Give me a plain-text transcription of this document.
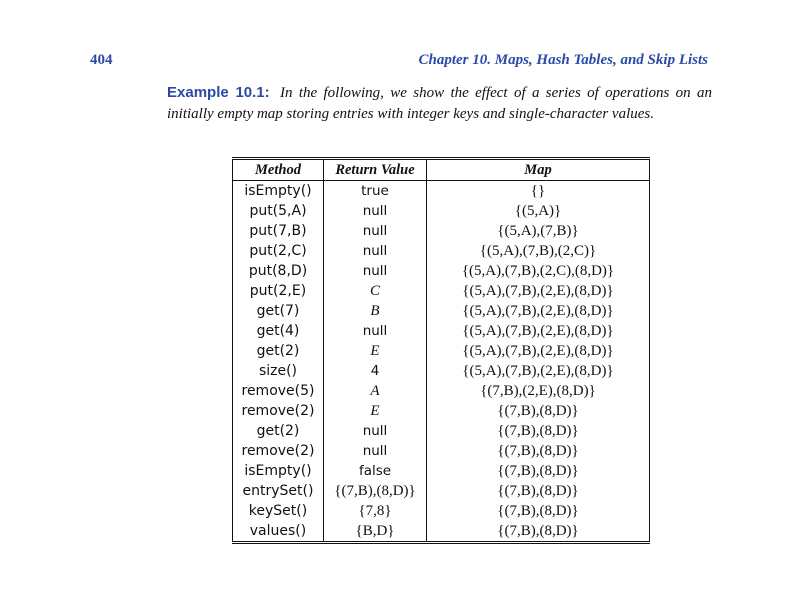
404	Chapter 10. Maps, Hash Tables, and Skip Lists
Example 10.1: In the following, we show the effect of a series of operations on an initially empty map storing entries with integer keys and single-character values.
Method	Return Value	Map
isEmpty()	true	{}
put(5,A)	null	{(5,A)}
put(7,B)	null	{(5,A),(7,B)}
put(2,C)	null	{(5,A),(7,B),(2,C)}
put(8,D)	null	{(5,A),(7,B),(2,C),(8,D)}
put(2,E)	C	{(5,A),(7,B),(2,E),(8,D)}
get(7)	B	{(5,A),(7,B),(2,E),(8,D)}
get(4)	null	{(5,A),(7,B),(2,E),(8,D)}
get(2)	E	{(5,A),(7,B),(2,E),(8,D)}
size()	4	{(5,A),(7,B),(2,E),(8,D)}
remove(5)	A	{(7,B),(2,E),(8,D)}
remove(2)	E	{(7,B),(8,D)}
get(2)	null	{(7,B),(8,D)}
remove(2)	null	{(7,B),(8,D)}
isEmpty()	false	{(7,B),(8,D)}
entrySet()	{(7,B),(8,D)}	{(7,B),(8,D)}
keySet()	{7,8}	{(7,B),(8,D)}
values()	{B,D}	{(7,B),(8,D)}
